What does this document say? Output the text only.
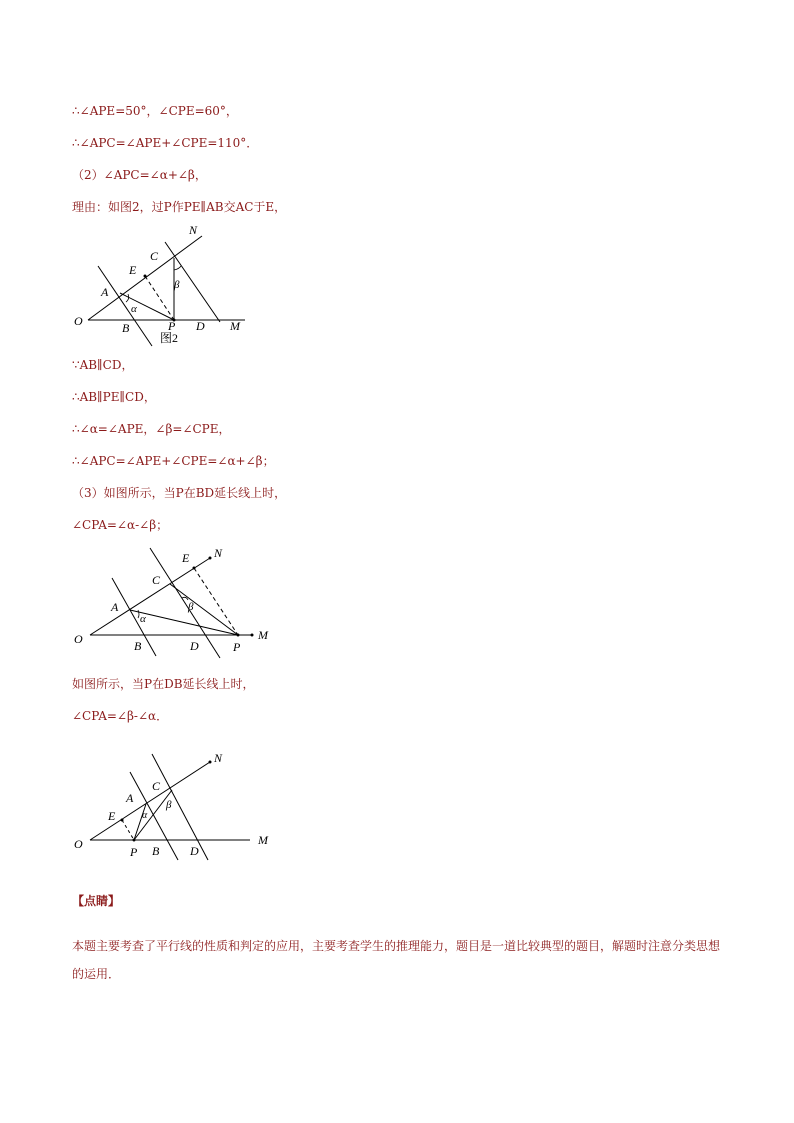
∴∠APE=50°，∠CPE=60°，
∴∠APC=∠APE+∠CPE=110°．
（2）∠APC=∠α+∠β，
理由：如图2，过P作PE∥AB交AC于E，
N
C
E
A
O	B	P D M
α
β
图2
∵AB∥CD，
∴AB∥PE∥CD，
∴∠α=∠APE，∠β=∠CPE，
∴∠APC=∠APE+∠CPE=∠α+∠β；
（3）如图所示，当P在BD延长线上时，
∠CPA=∠α-∠β；
N
E
C
A
O	B	D	P
M
α
β
如图所示，当P在DB延长线上时，
∠CPA=∠β-∠α．
N
C
A
E
O
P B	D
M
α
β
【点睛】
本题主要考查了平行线的性质和判定的应用，主要考查学生的推理能力，题目是一道比较典型的题目，解题时注意分类思想的运用．
